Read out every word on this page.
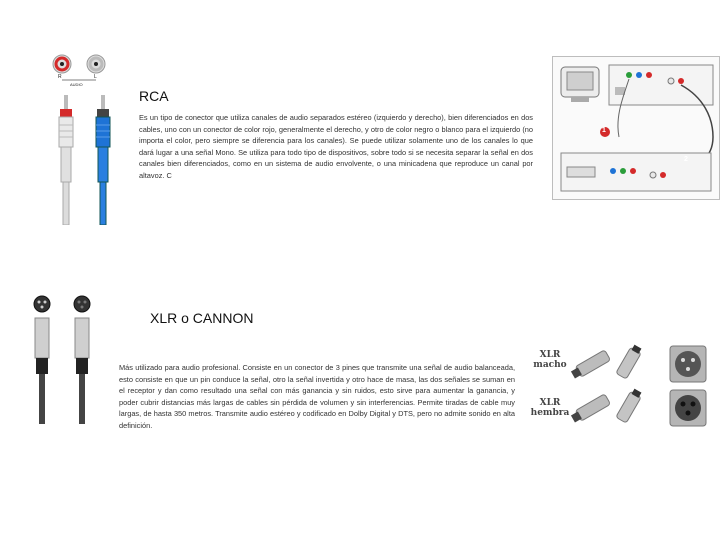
R	L
AUDIO
RCA

Es un tipo de conector que utiliza canales de audio separados estéreo (izquierdo y derecho), bien diferenciados en dos cables, uno con un conector de color rojo, generalmente el derecho, y otro de color negro o blanco para el izquierdo (no importa el color, pero siempre se diferencia para los canales). Se puede utilizar solamente uno de los canales lo que dará lugar a una señal Mono. Se utiliza para todo tipo de dispositivos, sobre todo si se necesita separar la señal en dos canales bien diferenciados, como en un sistema de audio envolvente, o una minicadena que reproduce un canal por altavoz. C

1
2
XLR o CANNON

Más utilizado para audio profesional. Consiste en un conector de 3 pines que transmite una señal de audio balanceada, esto consiste en que un pin conduce la señal, otro la señal invertida y otro hace de masa, las dos señales se suman en el receptor y dan como resultado una señal con más ganancia y sin ruidos, esto sirve para aumentar la ganancia, y poder cubrir distancias más largas de cables sin pérdida de volumen y sin interferencias. Permite tiradas de cable muy largas, de hasta 350 metros. Transmite audio estéreo y codificado en Dolby Digital y DTS, pero no admite sonido en alta definición.

XLR macho
XLR hembra
